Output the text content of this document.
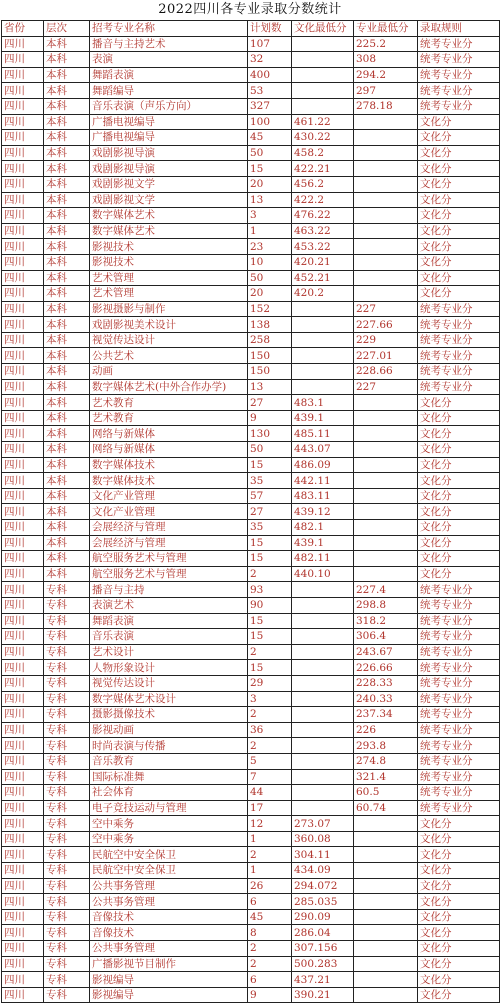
2022四川各专业录取分数统计
省份	层次	招考专业名称	计划数	文化最低分	专业最低分	录取规则
四川	本科	播音与主持艺术	107		225.2	统考专业分
四川	本科	表演	32		308	统考专业分
四川	本科	舞蹈表演	400		294.2	统考专业分
四川	本科	舞蹈编导	53		297	统考专业分
四川	本科	音乐表演（声乐方向）	327		278.18	统考专业分
四川	本科	广播电视编导	100	461.22		文化分
四川	本科	广播电视编导	45	430.22		文化分
四川	本科	戏剧影视导演	50	458.2		文化分
四川	本科	戏剧影视导演	15	422.21		文化分
四川	本科	戏剧影视文学	20	456.2		文化分
四川	本科	戏剧影视文学	13	422.2		文化分
四川	本科	数字媒体艺术	3	476.22		文化分
四川	本科	数字媒体艺术	1	463.22		文化分
四川	本科	影视技术	23	453.22		文化分
四川	本科	影视技术	10	420.21		文化分
四川	本科	艺术管理	50	452.21		文化分
四川	本科	艺术管理	20	420.2		文化分
四川	本科	影视摄影与制作	152		227	统考专业分
四川	本科	戏剧影视美术设计	138		227.66	统考专业分
四川	本科	视觉传达设计	258		229	统考专业分
四川	本科	公共艺术	150		227.01	统考专业分
四川	本科	动画	150		228.66	统考专业分
四川	本科	数字媒体艺术(中外合作办学)	13		227	统考专业分
四川	本科	艺术教育	27	483.1		文化分
四川	本科	艺术教育	9	439.1		文化分
四川	本科	网络与新媒体	130	485.11		文化分
四川	本科	网络与新媒体	50	443.07		文化分
四川	本科	数字媒体技术	15	486.09		文化分
四川	本科	数字媒体技术	35	442.11		文化分
四川	本科	文化产业管理	57	483.11		文化分
四川	本科	文化产业管理	27	439.12		文化分
四川	本科	会展经济与管理	35	482.1		文化分
四川	本科	会展经济与管理	15	439.1		文化分
四川	本科	航空服务艺术与管理	15	482.11		文化分
四川	本科	航空服务艺术与管理	2	440.10		文化分
四川	专科	播音与主持	93		227.4	统考专业分
四川	专科	表演艺术	90		298.8	统考专业分
四川	专科	舞蹈表演	15		318.2	统考专业分
四川	专科	音乐表演	15		306.4	统考专业分
四川	专科	艺术设计	2		243.67	统考专业分
四川	专科	人物形象设计	15		226.66	统考专业分
四川	专科	视觉传达设计	29		228.33	统考专业分
四川	专科	数字媒体艺术设计	3		240.33	统考专业分
四川	专科	摄影摄像技术	2		237.34	统考专业分
四川	专科	影视动画	36		226	统考专业分
四川	专科	时尚表演与传播	2		293.8	统考专业分
四川	专科	音乐教育	5		274.8	统考专业分
四川	专科	国际标准舞	7		321.4	统考专业分
四川	专科	社会体育	44		60.5	统考专业分
四川	专科	电子竞技运动与管理	17		60.74	统考专业分
四川	专科	空中乘务	12	273.07		文化分
四川	专科	空中乘务	1	360.08		文化分
四川	专科	民航空中安全保卫	2	304.11		文化分
四川	专科	民航空中安全保卫	1	434.09		文化分
四川	专科	公共事务管理	26	294.072		文化分
四川	专科	公共事务管理	6	285.035		文化分
四川	专科	音像技术	45	290.09		文化分
四川	专科	音像技术	8	286.04		文化分
四川	专科	公共事务管理	2	307.156		文化分
四川	专科	广播影视节目制作	2	500.283		文化分
四川	专科	影视编导	6	437.21		文化分
四川	专科	影视编导	9	390.21		文化分
